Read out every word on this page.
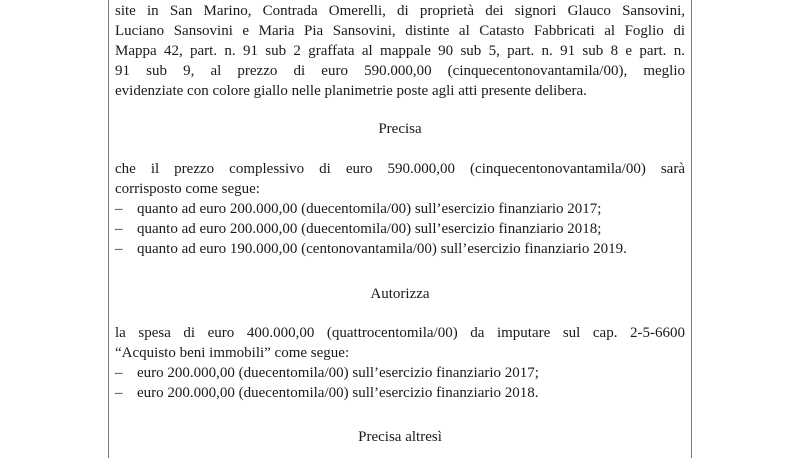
site in San Marino, Contrada Omerelli, di proprietà dei signori Glauco Sansovini,
Luciano Sansovini e Maria Pia Sansovini, distinte al Catasto Fabbricati al Foglio di
Mappa 42, part. n. 91 sub 2 graffata al mappale 90 sub 5, part. n. 91 sub 8 e part. n.
91 sub 9, al prezzo di euro 590.000,00 (cinquecentonovantamila/00), meglio
evidenziate con colore giallo nelle planimetrie poste agli atti presente delibera.

Precisa

che il prezzo complessivo di euro 590.000,00 (cinquecentonovantamila/00) sarà
corrisposto come segue:
– quanto ad euro 200.000,00 (duecentomila/00) sull’esercizio finanziario 2017;
– quanto ad euro 200.000,00 (duecentomila/00) sull’esercizio finanziario 2018;
– quanto ad euro 190.000,00 (centonovantamila/00) sull’esercizio finanziario 2019.

Autorizza

la spesa di euro 400.000,00 (quattrocentomila/00) da imputare sul cap. 2-5-6600
“Acquisto beni immobili” come segue:
– euro 200.000,00 (duecentomila/00) sull’esercizio finanziario 2017;
– euro 200.000,00 (duecentomila/00) sull’esercizio finanziario 2018.

Precisa altresì
